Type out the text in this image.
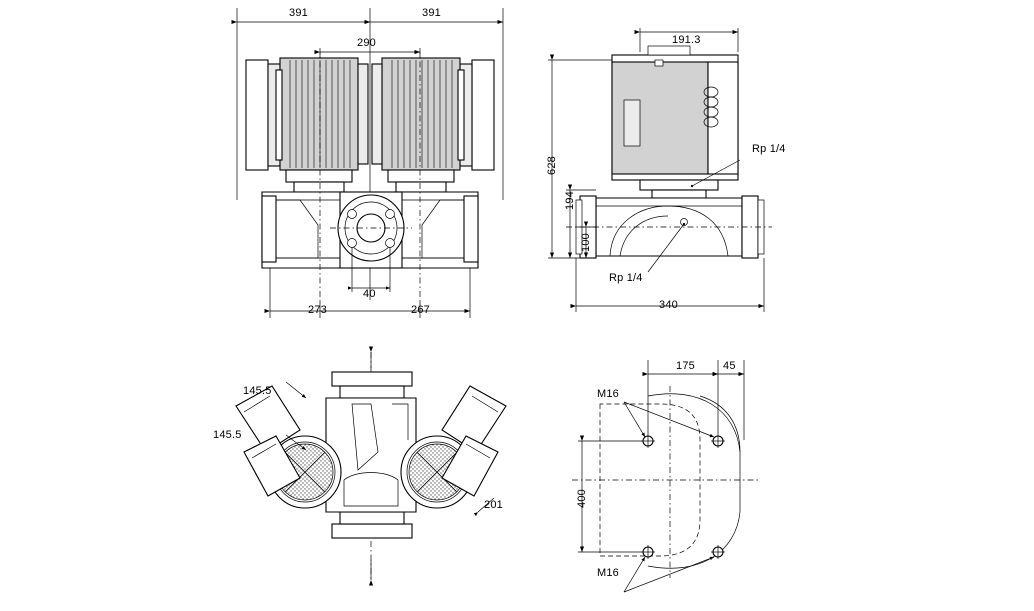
391	391
290
40
273	267
191.3
628
194
100
340
Rp 1/4
Rp 1/4
145.5
145.5
201
175	45
400
M16
M16
